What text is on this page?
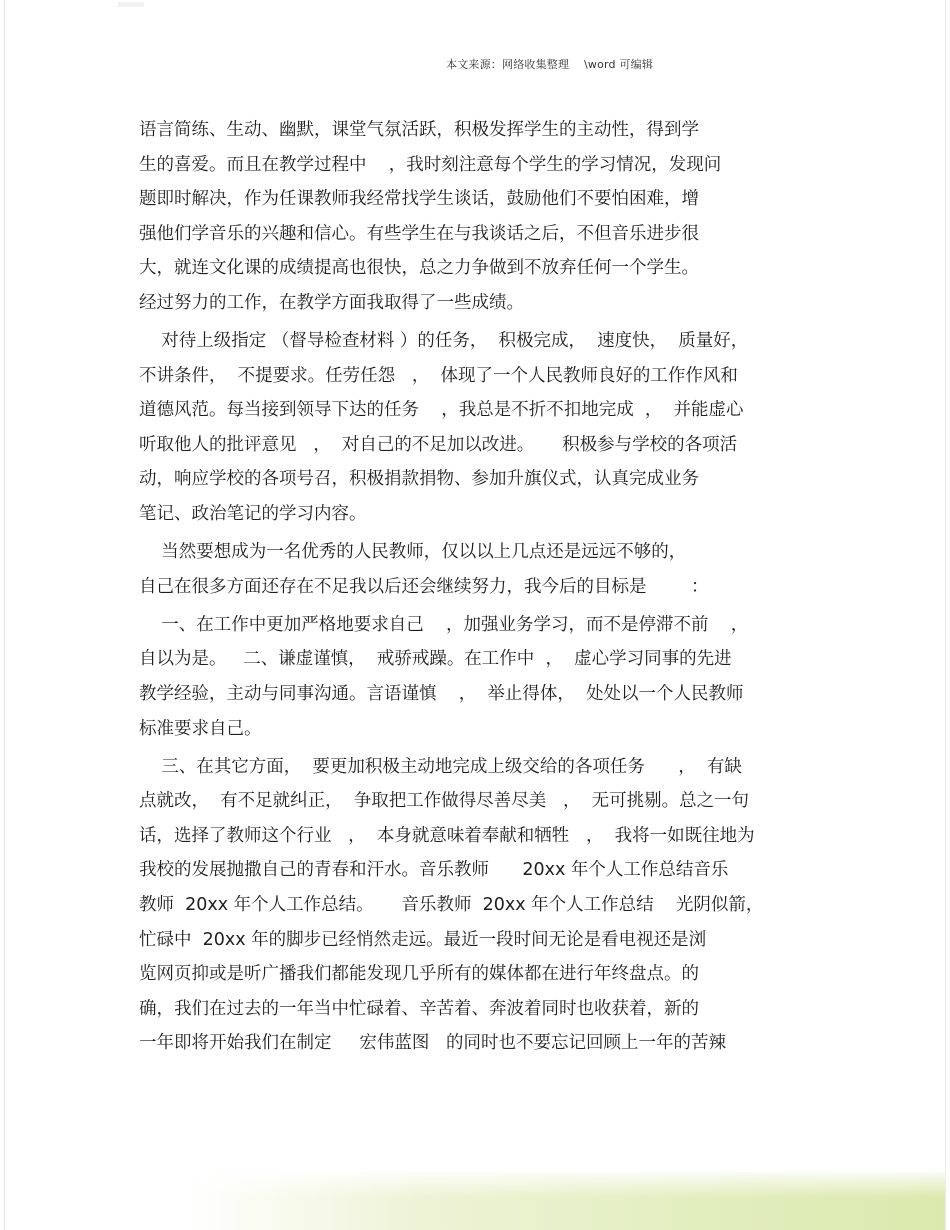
本文来源：网络收集整理    \word 可编辑
语言简练、生动、幽默，课堂气氛活跃，积极发挥学生的主动性，得到学
生的喜爱。而且在教学过程中    ，我时刻注意每个学生的学习情况，发现问
题即时解决，作为任课教师我经常找学生谈话，鼓励他们不要怕困难，增
强他们学音乐的兴趣和信心。有些学生在与我谈话之后，不但音乐进步很
大，就连文化课的成绩提高也很快，总之力争做到不放弃任何一个学生。
经过努力的工作，在教学方面我取得了一些成绩。
对待上级指定 （督导检查材料 ）的任务，  积极完成，  速度快，  质量好，
不讲条件，  不提要求。任劳任怨   ，  体现了一个人民教师良好的工作作风和
道德风范。每当接到领导下达的任务    ，我总是不折不扣地完成  ，  并能虚心
听取他人的批评意见   ，  对自己的不足加以改进。     积极参与学校的各项活
动，响应学校的各项号召，积极捐款捐物、参加升旗仪式，认真完成业务
笔记、政治笔记的学习内容。
当然要想成为一名优秀的人民教师，仅以以上几点还是远远不够的，
自己在很多方面还存在不足我以后还会继续努力，我今后的目标是        ：
一、在工作中更加严格地要求自己    ，加强业务学习，而不是停滞不前    ，
自以为是。   二、谦虚谨慎，  戒骄戒躁。在工作中  ，  虚心学习同事的先进
教学经验，主动与同事沟通。言语谨慎    ，  举止得体，  处处以一个人民教师
标准要求自己。
三、在其它方面，  要更加积极主动地完成上级交给的各项任务      ，  有缺
点就改，  有不足就纠正，  争取把工作做得尽善尽美   ，  无可挑剔。总之一句
话，选择了教师这个行业   ，  本身就意味着奉献和牺牲   ，  我将一如既往地为
我校的发展抛撒自己的青春和汗水。音乐教师      20xx 年个人工作总结音乐
教师  20xx 年个人工作总结。     音乐教师  20xx 年个人工作总结    光阴似箭，
忙碌中  20xx 年的脚步已经悄然走远。最近一段时间无论是看电视还是浏
览网页抑或是听广播我们都能发现几乎所有的媒体都在进行年终盘点。的
确，我们在过去的一年当中忙碌着、辛苦着、奔波着同时也收获着，新的
一年即将开始我们在制定     宏伟蓝图   的同时也不要忘记回顾上一年的苦辣
